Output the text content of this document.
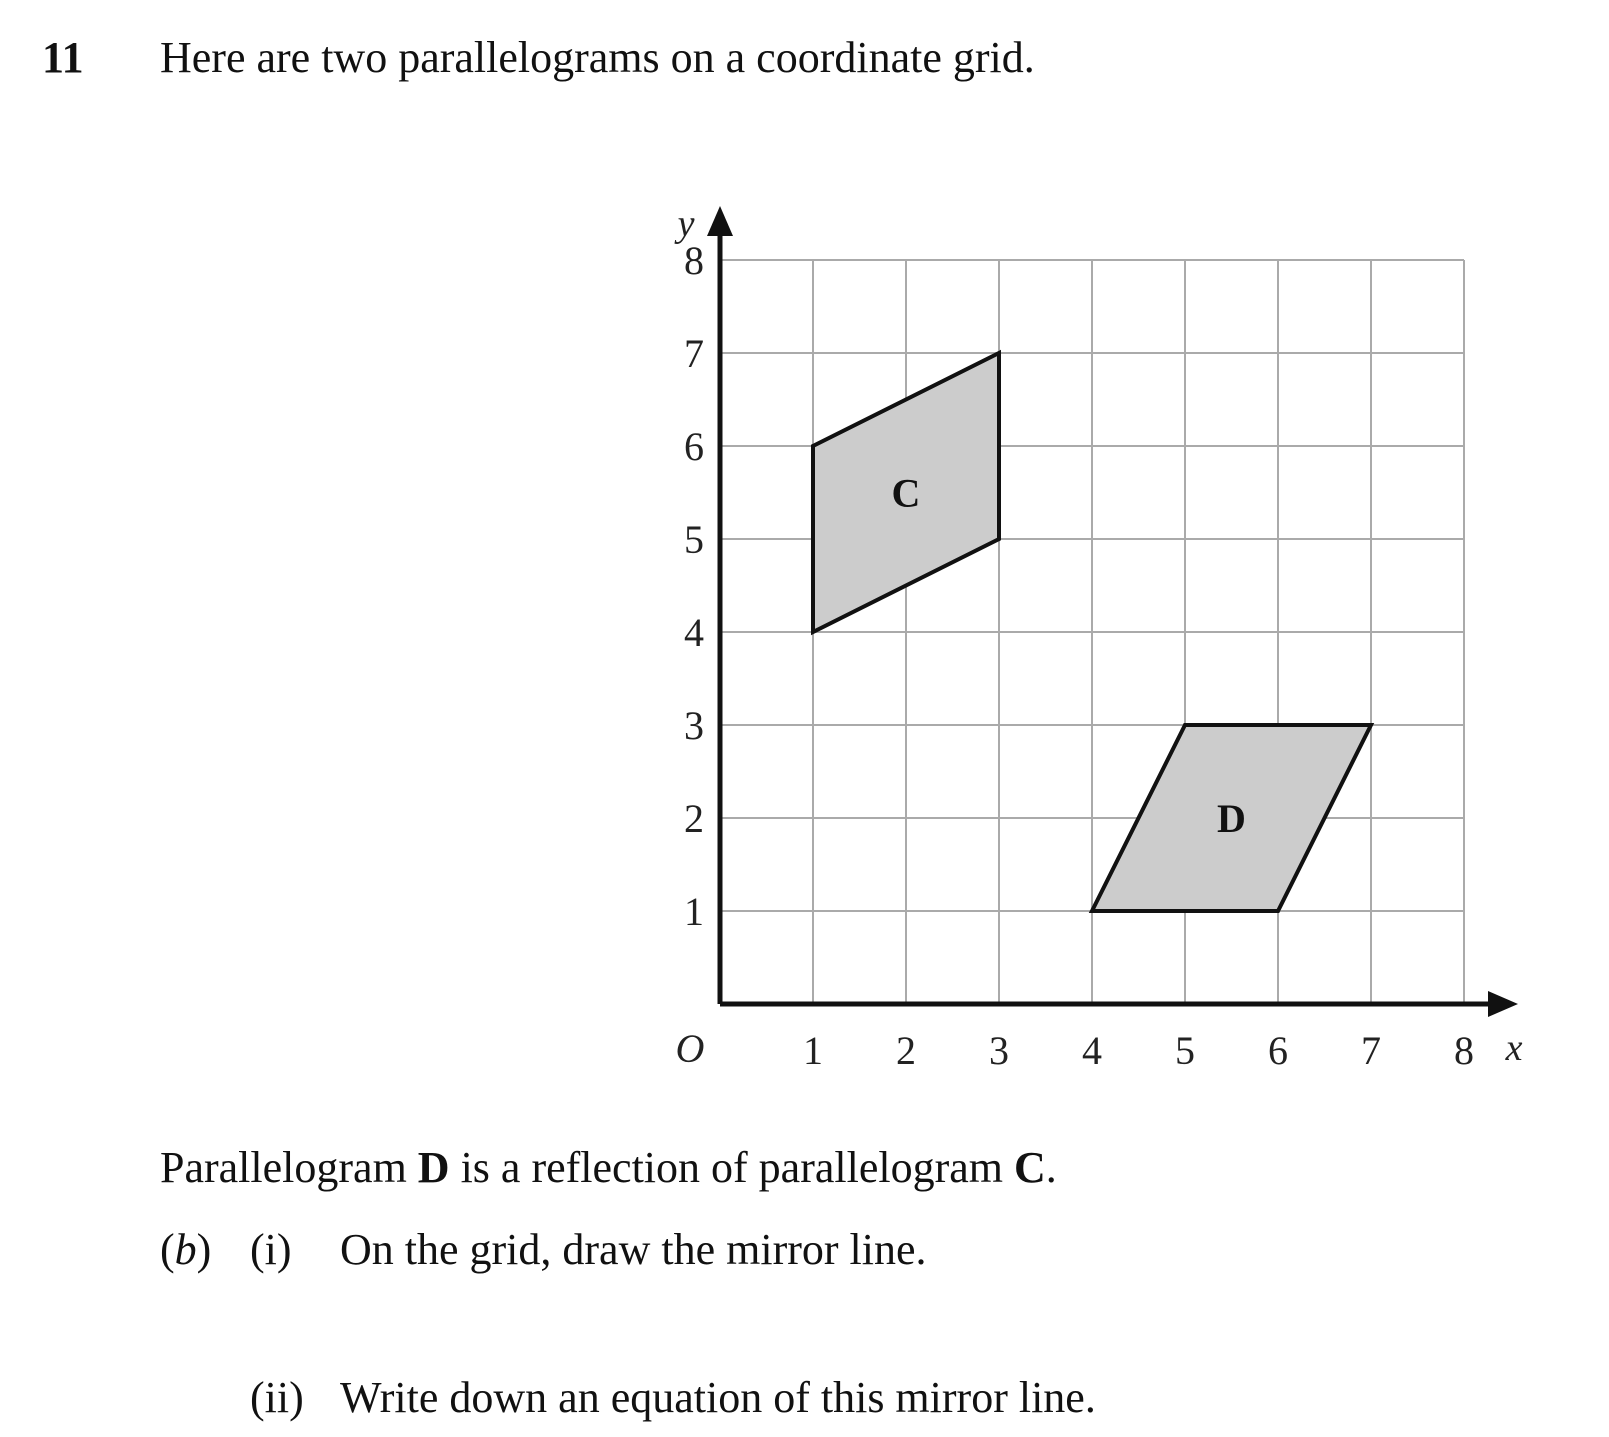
11 Here are two parallelograms on a coordinate grid.
C
D
1
2
3
4
5
6
7
8
1 2 3 4 5 6 7 8
O	x
y
Parallelogram D is a reflection of parallelogram C.
(b) (i) On the grid, draw the mirror line.
(ii) Write down an equation of this mirror line.
